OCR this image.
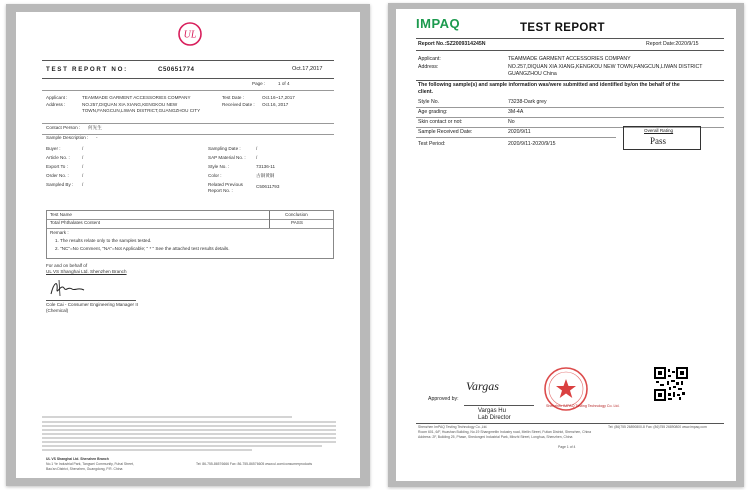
UL
TEST REPORT NO:	C50651774	Oct.17,2017
Page :	1 of 4
Applicant :	TEAMMADE GARMENT ACCESSORIES COMPANY
Address :	NO.257,DIQUAN XIA XIANG,KENGKOU NEW
TOWN,FANGCUN,LIWAN DISTRICT,GUANGZHOU CITY
Test Date :	Oct.16~17,2017
Received Date : Oct.16, 2017
Contact Person : 何先生
Sample Description : -
Buyer :	/
Article No. :	/
Export To :	/
Order No. :	/
Sampled By : /
Sampling Date :	/
SAP Material No. : /
Style No. :	73136-11
Color :	古铜黄铜
Related Previous
Report No. :
C50611793
Test Name	Conclusion
Total Phthalates Content	PASS
Remark :
1. The results relate only to the samples tested.
2. "NC"=No Comment, "NA"=Not Applicable; " * " See the attached test results details.
For and on behalf of
UL VS Shanghai Ltd. Shenzhen Branch
Cole Cai - Consumer Engineering Manager II
(Chemical)
UL VS Shanghai Ltd. Shenzhen Branch
No.1 Ye Industrial Park, Tangwei Community, Fuhai Street,
Bao'an District, Shenzhen, Guangdong, P.R. China
Tel: 86-755-86576666 Fax: 86-755-86576605 www.ul.com/consumerproducts
IMPAQ	TEST REPORT
Report No.:SZ2009314245N	Report Date:2020/9/15
Applicant:	TEAMMADE GARMENT ACCESSORIES COMPANY
Address:	NO.257,DIQUAN XIA XIANG,KENGKOU NEW TOWN,FANGCUN,LIWAN DISTRICT
GUANGZHOU China
The following sample(s) and sample information was/were submitted and identified by/on the behalf of the
client.
Style No.	73238-Dark grey
Age grading:	3M-4A
Skin contact or not:	No
Sample Received Date:	2020/9/11
Test Period:	2020/9/11-2020/9/15
Overall Rating
Pass
Approved by:
Vargas
Vargas Hu
Lab Director
Shenzhen IMPAQ Testing Technology Co. Ltd.
Shenzhen ImPAQ Testing Technology Co.,Ltd.
Room 601, 6/F, Huashan Building, No.19 Shangmeilin Industry road, Meilin Street, Futian District, Shenzhen, China
Address: 2F, Building 25, Phase, Shedongmi Industrial Park, Minzhi Street, Longhua, Shenzhen, China
Tel: (86)755 26890800-8 Fax: (86)755 26890800 www.impaq.com
Page 1 of 4
